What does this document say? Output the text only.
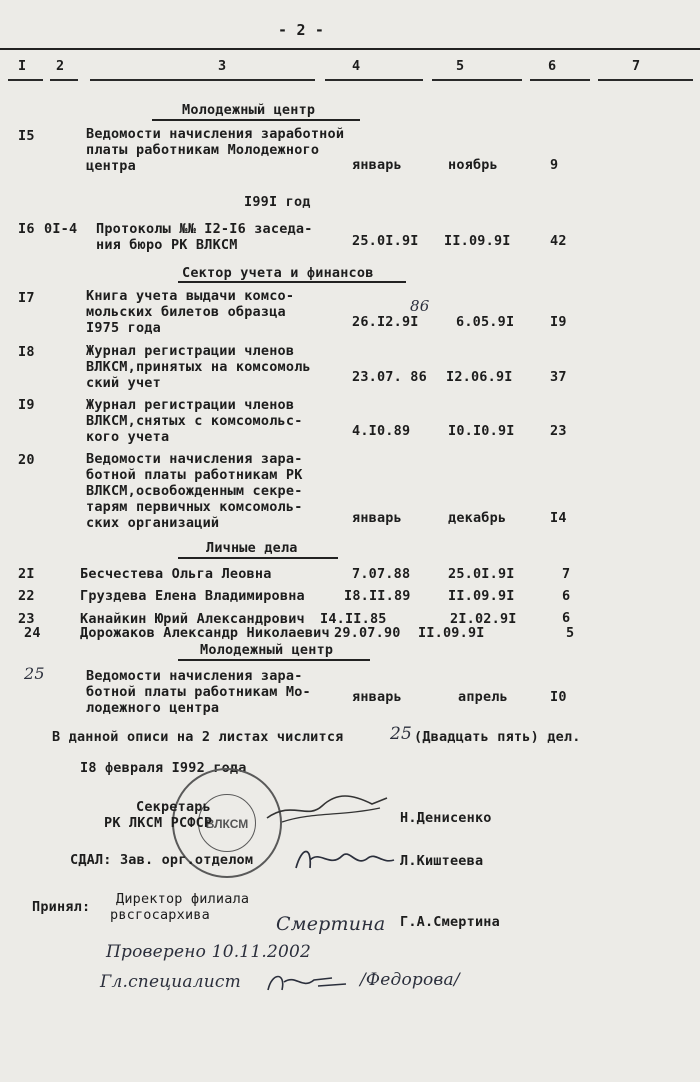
- 2 -
I 2	3	4	5	6	7
Молодежный центр
I5	Ведомости начисления заработной
платы работникам Молодежного
центра	январь	ноябрь	9
I99I год
I6 0I-4 Протоколы №№ I2-I6 заседа-
ния бюро РК ВЛКСМ	25.0I.9I II.09.9I	42
Сектор учета и финансов
I7	Книга учета выдачи комсо-
мольских билетов образца
I975 года
86
26.I2.9I	6.05.9I	I9
I8	Журнал регистрации членов
ВЛКСМ,принятых на комсомоль
ский учет	23.07. 86 I2.06.9I	37
I9	Журнал регистрации членов
ВЛКСМ,снятых с комсомольс-
кого учета	4.I0.89	I0.I0.9I	23
20	Ведомости начисления зара-
ботной платы работникам РК
ВЛКСМ,освобожденным секре-
тарям первичных комсомоль-
ских организаций	январь	декабрь	I4
Личные дела
2I	Бесчестева Ольга Леовна	7.07.88	25.0I.9I	7
22	Груздева Елена Владимировна	I8.II.89	II.09.9I	6
23	Канайкин Юрий Александрович I4.II.85	2I.02.9I	6
24	Дорожаков Александр Николаевич 29.07.90 II.09.9I	5
Молодежный центр
25	Ведомости начисления зара-
ботной платы работникам Мо-
лодежного центра
январь	апрель	I0
В данной описи на 2 листах числится	25 (Двадцать пять) дел.
I8 февраля I992 года
ВЛКСМ
Секретарь
РК ЛКСМ РСФСР	Н.Денисенко
СДАЛ: Зав. орг.отделом	Л.Киштеева
Принял: Директор филиала
рвсгосархива	Смертина Г.А.Смертина
Проверено 10.11.2002
Гл.специалист	/Федорова/
